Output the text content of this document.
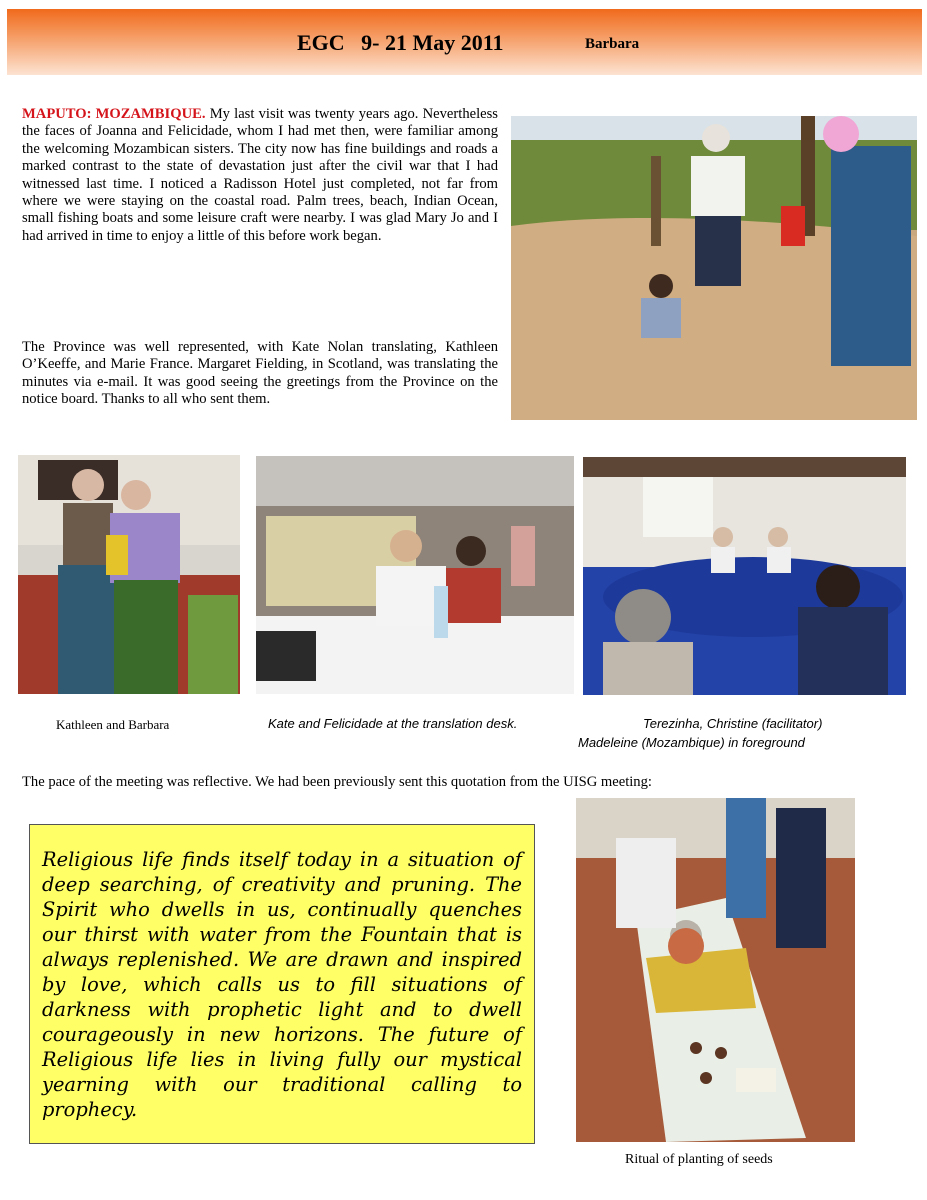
EGC   9- 21 May 2011	Barbara
MAPUTO: MOZAMBIQUE. My last visit was twenty years ago. Nevertheless the faces of Joanna and Felicidade, whom I had met then, were familiar among the welcoming Mozambican sisters. The city now has fine buildings and roads a marked contrast to the state of devastation just after the civil war that I had witnessed last time. I noticed a Radisson Hotel just completed, not far from where we were staying on the coastal road. Palm trees, beach, Indian Ocean, small fishing boats and some leisure craft were nearby. I was glad Mary Jo and I had arrived in time to enjoy a little of this before work began.
The Province was well represented, with Kate Nolan translating, Kathleen O’Keeffe, and Marie France. Margaret Fielding, in Scotland, was translating the minutes via e-mail. It was good seeing the greetings from the Province on the notice board. Thanks to all who sent them.
Kathleen and Barbara	Kate and Felicidade at the translation desk.	Terezinha, Christine (facilitator)
Madeleine (Mozambique) in foreground
The pace of the meeting was reflective. We had been previously sent this quotation from the UISG meeting:
Religious life finds itself today in a situation of deep searching, of creativity and pruning. The Spirit who dwells in us, continually quenches our thirst with water from the Fountain that is always replenished. We are drawn and inspired by love, which calls us to fill situations of darkness with prophetic light and to dwell courageously in new horizons. The future of Religious life lies in living fully our mystical yearning with our traditional calling to prophecy.
Ritual of planting of seeds
